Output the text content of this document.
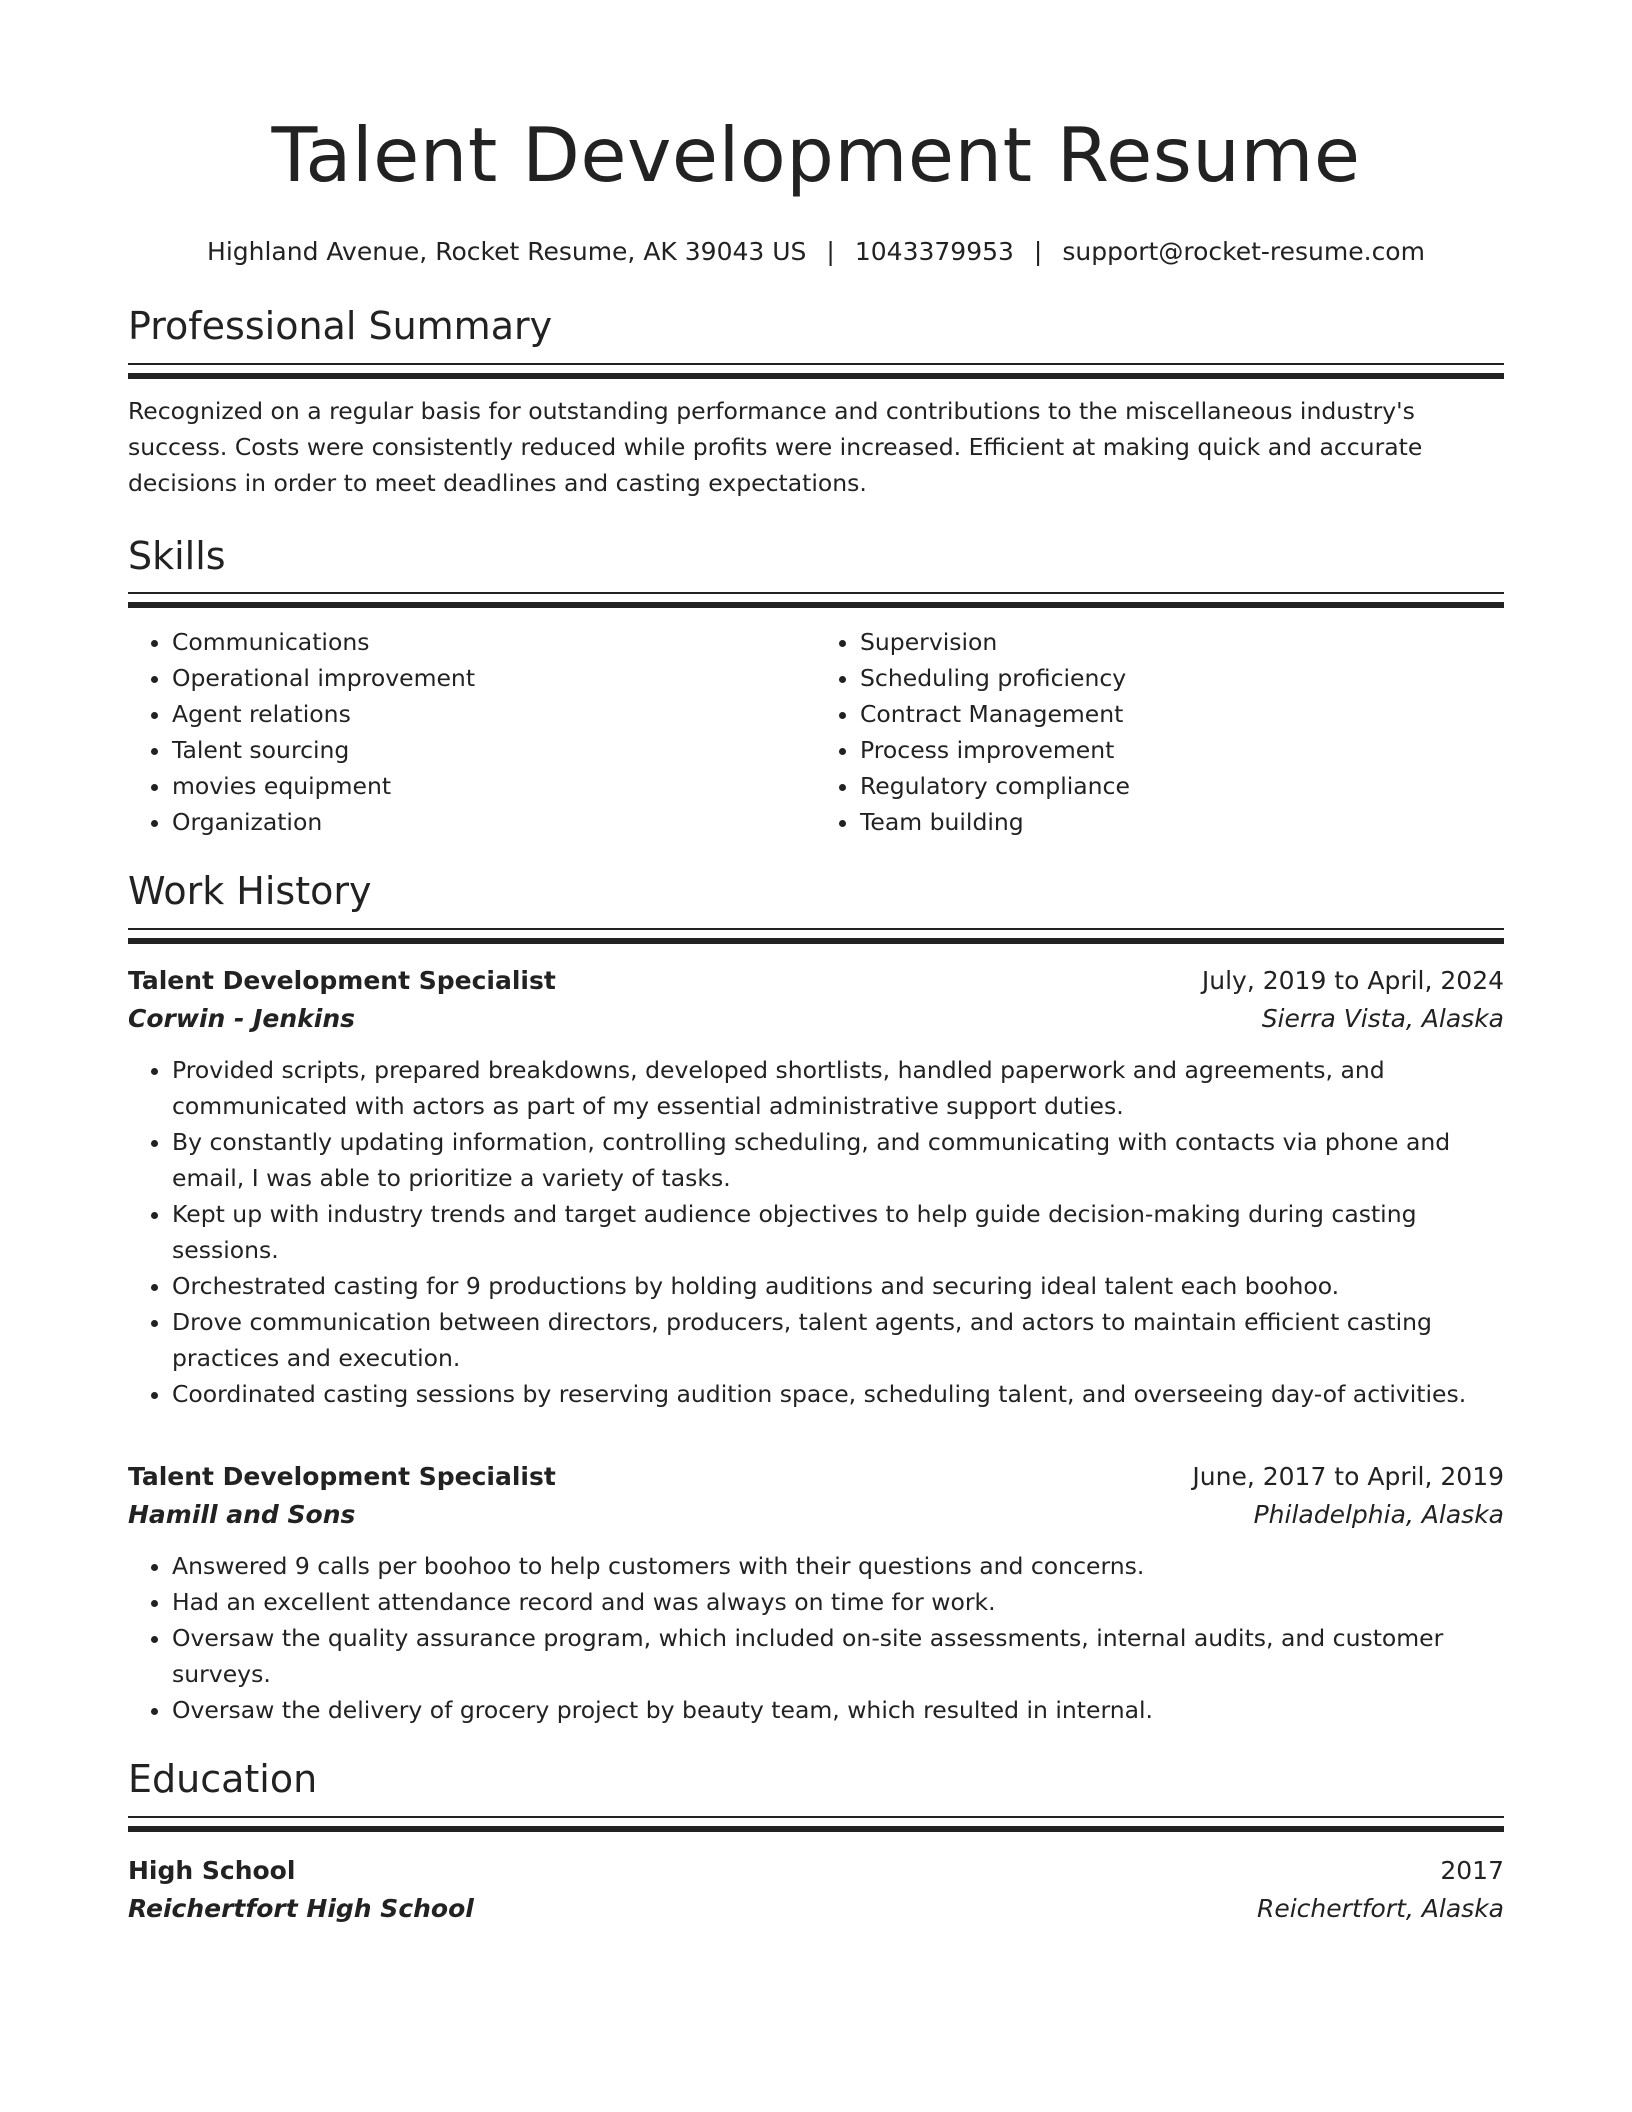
Talent Development Resume
Highland Avenue, Rocket Resume, AK 39043 US | 1043379953 | support@rocket-resume.com
Professional Summary
Recognized on a regular basis for outstanding performance and contributions to the miscellaneous industry's success. Costs were consistently reduced while profits were increased. Efficient at making quick and accurate decisions in order to meet deadlines and casting expectations.
Skills
• Communications
• Operational improvement
• Agent relations
• Talent sourcing
• movies equipment
• Organization
• Supervision
• Scheduling proficiency
• Contract Management
• Process improvement
• Regulatory compliance
• Team building
Work History
Talent Development Specialist	July, 2019 to April, 2024
Corwin - Jenkins	Sierra Vista, Alaska
• Provided scripts, prepared breakdowns, developed shortlists, handled paperwork and agreements, and communicated with actors as part of my essential administrative support duties.
• By constantly updating information, controlling scheduling, and communicating with contacts via phone and email, I was able to prioritize a variety of tasks.
• Kept up with industry trends and target audience objectives to help guide decision-making during casting sessions.
• Orchestrated casting for 9 productions by holding auditions and securing ideal talent each boohoo.
• Drove communication between directors, producers, talent agents, and actors to maintain efficient casting practices and execution.
• Coordinated casting sessions by reserving audition space, scheduling talent, and overseeing day-of activities.
Talent Development Specialist	June, 2017 to April, 2019
Hamill and Sons	Philadelphia, Alaska
• Answered 9 calls per boohoo to help customers with their questions and concerns.
• Had an excellent attendance record and was always on time for work.
• Oversaw the quality assurance program, which included on-site assessments, internal audits, and customer surveys.
• Oversaw the delivery of grocery project by beauty team, which resulted in internal.
Education
High School	2017
Reichertfort High School	Reichertfort, Alaska
